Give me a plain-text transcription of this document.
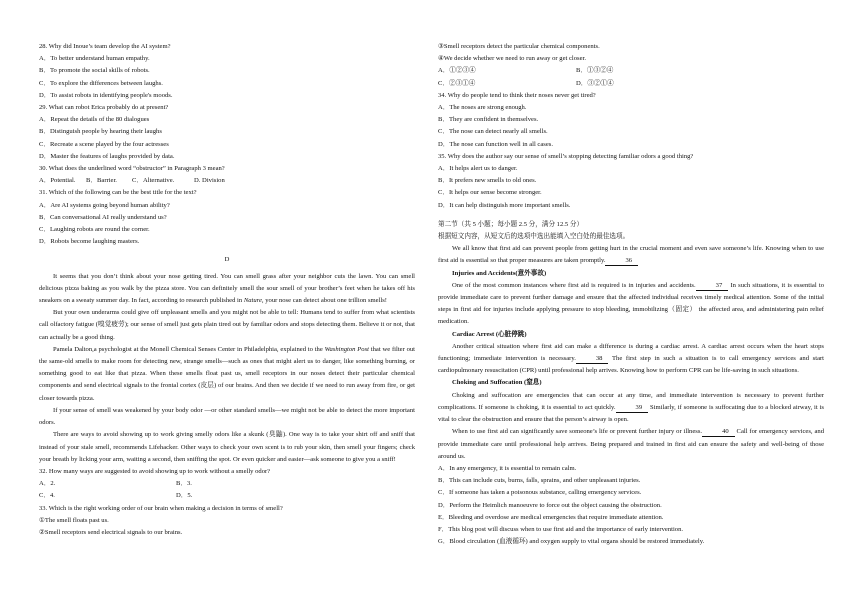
28. Why did Inoue’s team develop the AI system?
A．To better understand human empathy.
B．To promote the social skills of robots.
C．To explore the differences between laughs.
D．To assist robots in identifying people's moods.
29. What can robot Erica probably do at present?
A．Repeat the details of the 80 dialogues
B．Distinguish people by hearing their laughs
C．Recreate a scene played by the four actresses
D．Master the features of laughs provided by data.
30. What does the underlined word “obstructor” in Paragraph 3 mean?
A．Potential.	B．Barrier.	C．Alternative.	D. Division
31. Which of the following can be the best title for the text?
A．Are AI systems going beyond human ability?
B．Can conversational AI really understand us?
C．Laughing robots are round the corner.
D．Robots become laughing masters.
D

It seems that you don’t think about your nose getting tired. You can smell grass after your neighbor cuts the lawn. You can smell delicious pizza baking as you walk by the pizza store. You can definitely smell the sour smell of your brother’s feet when he takes off his sneakers on a sweaty summer day. In fact, according to research published in Nature, your nose can detect about one trillion smells!

But your own underarms could give off unpleasant smells and you might not be able to tell: Humans tend to suffer from what scientists call olfactory fatigue (嗅觉疲劳); our sense of smell just gets plain tired out by familiar odors and stops detecting them. Believe it or not, that can actually be a good thing.

Pamela Dalton,a psychologist at the Monell Chemical Senses Center in Philadelphia, explained to the Washington Post that we filter out the same-old smells to make room for detecting new, strange smells—such as ones that might alert us to danger, like something burning, or something good to eat like that pizza. When these smells float past us, smell receptors in our noses detect their particular chemical components and send electrical signals to the frontal cortex (皮层) of our brains. And then we decide if we need to run away from fire, or get closer towards pizza.

If your sense of smell was weakened by your body odor —or other standard smells—we might not be able to detect the more important odors.

There are ways to avoid showing up to work giving smelly odors like a skunk (臭鼬). One way is to take your shirt off and sniff that instead of your stale smell, recommends Lifehacker. Other ways to check your own scent is to rub your skin, then smell your fingers; check your breath by licking your arm, waiting a second, then sniffing the spot. Or even quicker and easier—ask someone to give you a sniff!

32. How many ways are suggested to avoid showing up to work without a smelly odor?
A．2.	B．3.
C．4.	D．5.
33. Which is the right working order of our brain when making a decision in terms of smell?
①The smell floats past us.
②Smell receptors send electrical signals to our brains.
③Smell receptors detect the particular chemical components.
④We decide whether we need to run away or get closer.
A．①②③④	B．①③②④
C．②③①④	D．③②①④
34. Why do people tend to think their noses never get tired?
A．The noses are strong enough.
B．They are confident in themselves.
C．The nose can detect nearly all smells.
D．The nose can function well in all cases.
35. Why does the author say our sense of smell’s stopping detecting familiar odors a good thing?
A．It helps alert us to danger.
B．It prefers new smells to old ones.
C．It helps our sense become stronger.
D．It can help distinguish more important smells.
第二节（共 5 小题；每小题 2.5 分，满分 12.5 分）
根据短文内容，从短文后的选项中选出能填入空白处的最佳选项。

We all know that first aid can prevent people from getting hurt in the crucial moment and even save someone’s life. Knowing when to use first aid is essential so that proper measures are taken promptly.	36

Injuries and Accidents(意外事故)

One of the most common instances where first aid is required is in injuries and accidents.	37 In such situations, it is essential to provide immediate care to prevent further damage and ensure that the affected individual receives timely medical attention. Some of the initial steps in first aid for injuries include applying pressure to stop bleeding, immobilizing（固定） the affected area, and administering pain relief medication.

Cardiac Arrest (心脏停跳)

Another critical situation where first aid can make a difference is during a cardiac arrest. A cardiac arrest occurs when the heart stops functioning; immediate intervention is necessary.	38 The first step in such a situation is to call emergency services and start cardiopulmonary resuscitation (CPR) until professional help arrives. Knowing how to perform CPR can be life-saving in such situations.

Choking and Suffocation (窒息)

Choking and suffocation are emergencies that can occur at any time, and immediate intervention is necessary to prevent further complications. If someone is choking, it is essential to act quickly.	39 Similarly, if someone is suffocating due to a blocked airway, it is vital to clear the obstruction and ensure that the person’s airway is open.

When to use first aid can significantly save someone’s life or prevent further injury or illness.	40 Call for emergency services, and provide immediate care until professional help arrives. Being prepared and trained in first aid can ensure the safety and well-being of those around us.

A．In any emergency, it is essential to remain calm.
B．This can include cuts, burns, falls, sprains, and other unpleasant injuries.
C．If someone has taken a poisonous substance, calling emergency services.
D．Perform the Heimlich manoeuvre to force out the object causing the obstruction.
E．Bleeding and overdose are medical emergencies that require immediate attention.
F．This blog post will discuss when to use first aid and the importance of early intervention.
G．Blood circulation (血液循环) and oxygen supply to vital organs should be restored immediately.
